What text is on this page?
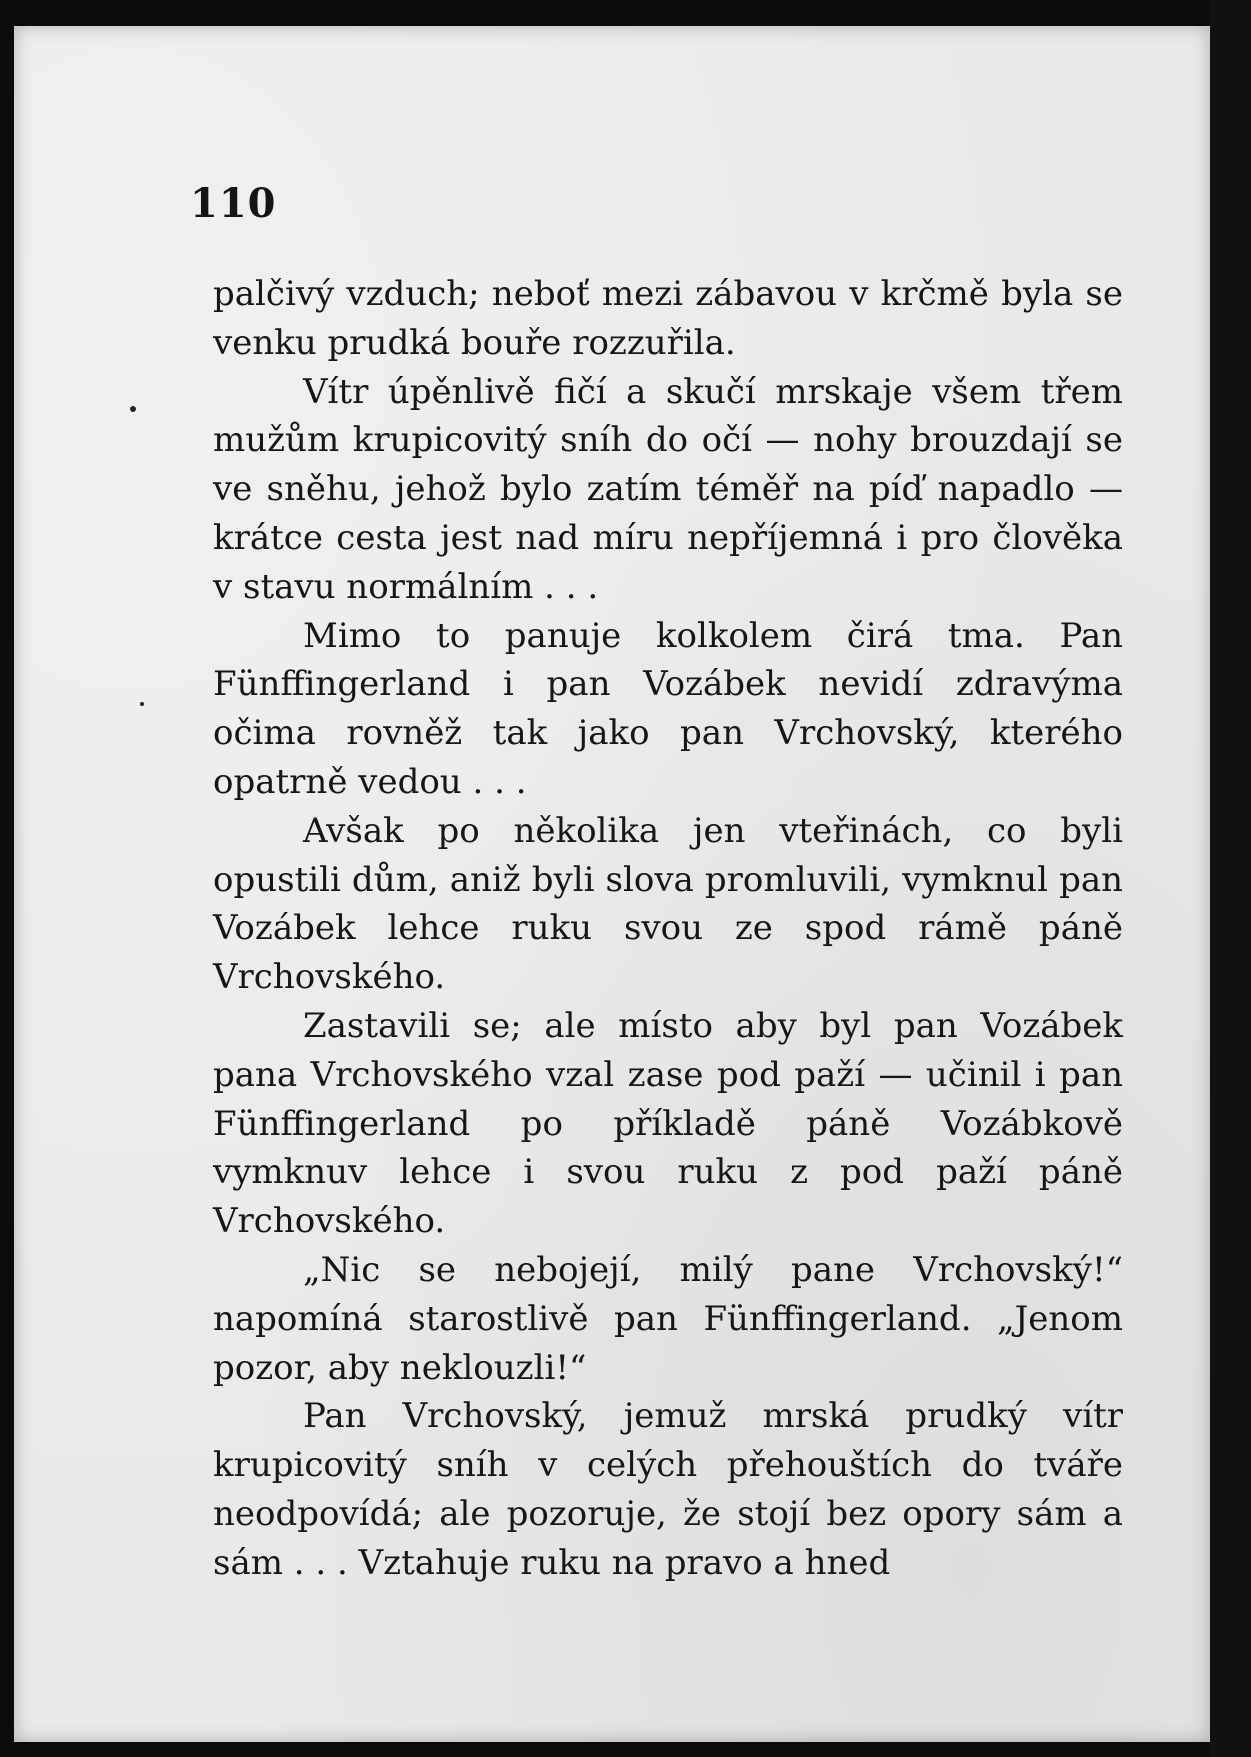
110

palčivý vzduch; neboť mezi zábavou v krčmě byla se venku prudká bouře rozzuřila.

Vítr úpěnlivě fičí a skučí mrskaje všem třem mužům krupicovitý sníh do očí — nohy brouzdají se ve sněhu, jehož bylo zatím téměř na píď napadlo — krátce cesta jest nad míru nepříjemná i pro člověka v stavu normálním . . .

Mimo to panuje kolkolem čirá tma. Pan Fünffingerland i pan Vozábek nevidí zdravýma očima rovněž tak jako pan Vrchovský, kterého opatrně vedou . . .

Avšak po několika jen vteřinách, co byli opustili dům, aniž byli slova promluvili, vymknul pan Vozábek lehce ruku svou ze spod rámě páně Vrchovského.

Zastavili se; ale místo aby byl pan Vozábek pana Vrchovského vzal zase pod paží — učinil i pan Fünffingerland po příkladě páně Vozábkově vymknuv lehce i svou ruku z pod paží páně Vrchovského.

„Nic se nebojejí, milý pane Vrchovský!“ napomíná starostlivě pan Fünffingerland. „Jenom pozor, aby neklouzli!“

Pan Vrchovský, jemuž mrská prudký vítr krupicovitý sníh v celých přehouštích do tváře neodpovídá; ale pozoruje, že stojí bez opory sám a sám . . . Vztahuje ruku na pravo a hned
